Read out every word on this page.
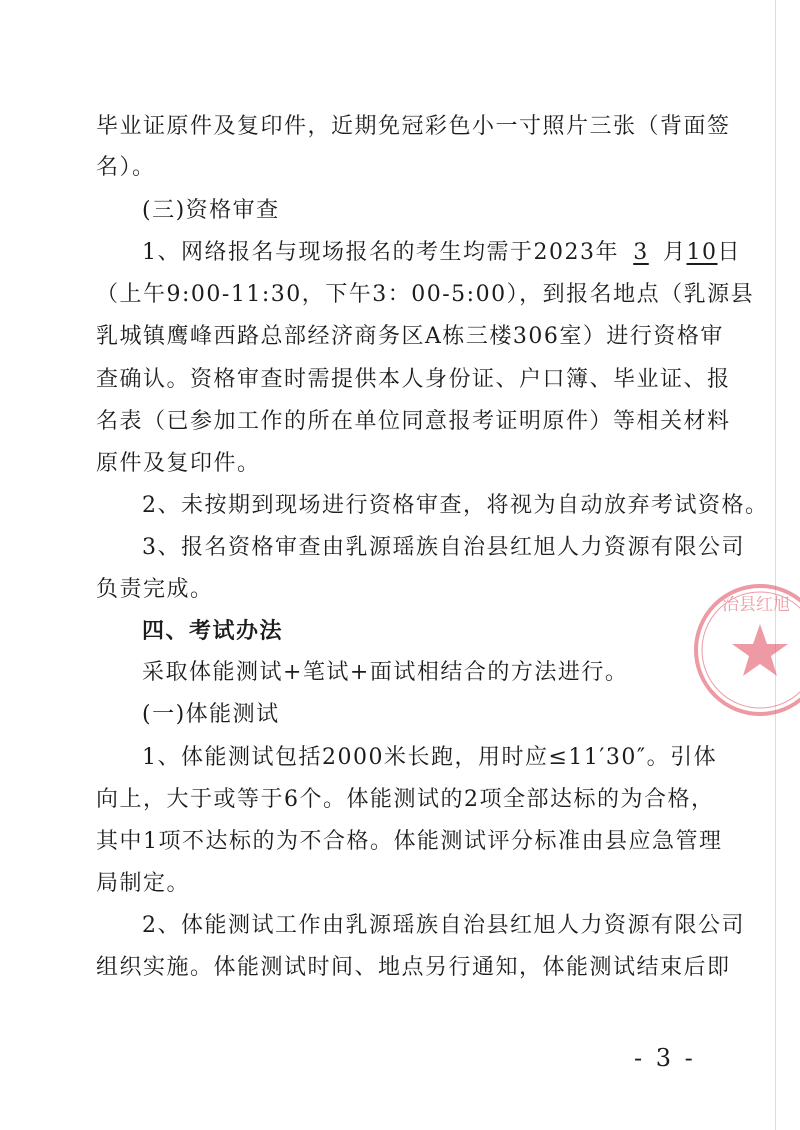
毕业证原件及复印件，近期免冠彩色小一寸照片三张（背面签
名）。
(三)资格审查
1、网络报名与现场报名的考生均需于2023年 3 月10日
（上午9:00-11:30，下午3：00-5:00），到报名地点（乳源县
乳城镇鹰峰西路总部经济商务区A栋三楼306室）进行资格审
查确认。资格审查时需提供本人身份证、户口簿、毕业证、报
名表（已参加工作的所在单位同意报考证明原件）等相关材料
原件及复印件。
2、未按期到现场进行资格审查，将视为自动放弃考试资格。
3、报名资格审查由乳源瑶族自治县红旭人力资源有限公司
负责完成。
四、考试办法
采取体能测试+笔试+面试相结合的方法进行。
(一)体能测试
1、体能测试包括2000米长跑，用时应≤11′30″。引体
向上，大于或等于6个。体能测试的2项全部达标的为合格，
其中1项不达标的为不合格。体能测试评分标准由县应急管理
局制定。
2、体能测试工作由乳源瑶族自治县红旭人力资源有限公司
组织实施。体能测试时间、地点另行通知，体能测试结束后即
治县红旭
- 3 -
